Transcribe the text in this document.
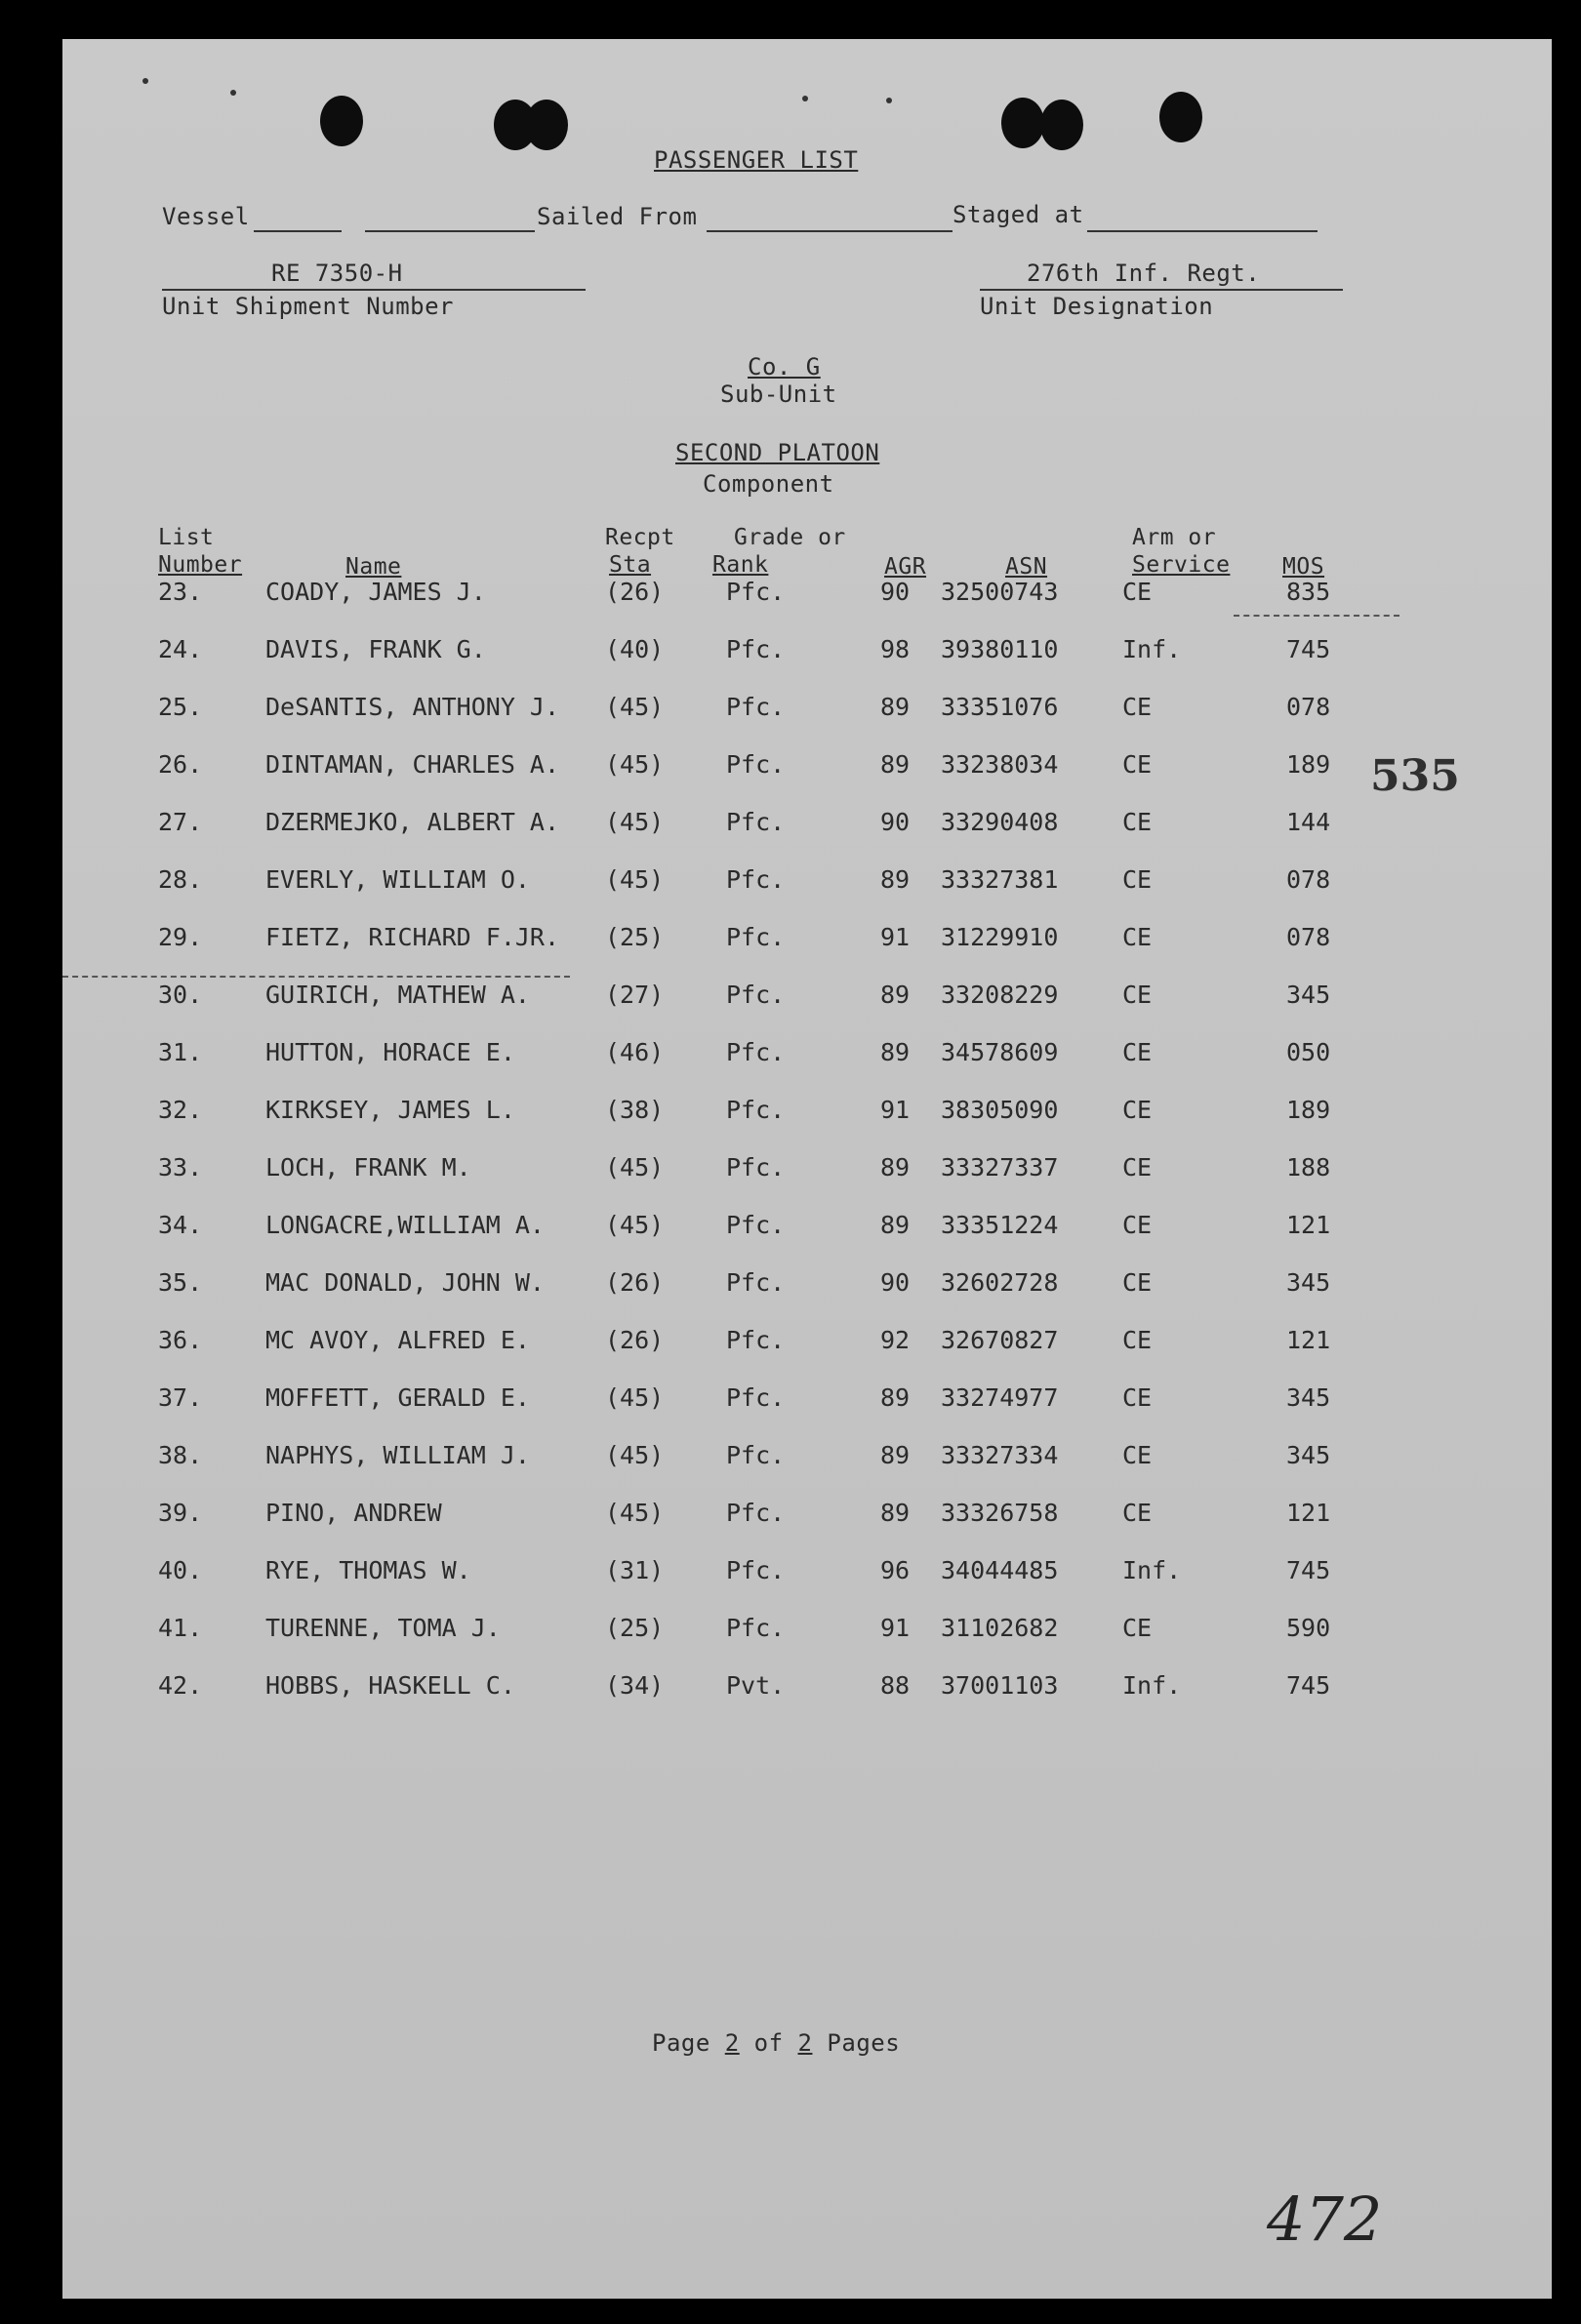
PASSENGER LIST
Vessel	Sailed From	Staged at
RE 7350-H
Unit Shipment Number
276th Inf. Regt.
Unit Designation
Co. G
Sub-Unit
SECOND PLATOON
Component
List
Number	Name
Recpt
Sta
Grade or
Rank	AGR	ASN
Arm or
Service MOS
23.	COADY, JAMES J.	(26)	Pfc.	90 32500743	CE	835
24.	DAVIS, FRANK G.	(40)	Pfc.	98 39380110	Inf.	745
25.	DeSANTIS, ANTHONY J. (45)	Pfc.	89 33351076	CE	078
26.	DINTAMAN, CHARLES A. (45)	Pfc.	89 33238034	CE	189
27.	DZERMEJKO, ALBERT A. (45)	Pfc.	90 33290408	CE	144
28.	EVERLY, WILLIAM O.	(45)	Pfc.	89 33327381	CE	078
29.	FIETZ, RICHARD F.JR. (25)	Pfc.	91 31229910	CE	078
30.	GUIRICH, MATHEW A.	(27)	Pfc.	89 33208229	CE	345
31.	HUTTON, HORACE E.	(46)	Pfc.	89 34578609	CE	050
32.	KIRKSEY, JAMES L.	(38)	Pfc.	91 38305090	CE	189
33.	LOCH, FRANK M.	(45)	Pfc.	89 33327337	CE	188
34.	LONGACRE,WILLIAM A. (45)	Pfc.	89 33351224	CE	121
35.	MAC DONALD, JOHN W. (26)	Pfc.	90 32602728	CE	345
36.	MC AVOY, ALFRED E.	(26)	Pfc.	92 32670827	CE	121
37.	MOFFETT, GERALD E.	(45)	Pfc.	89 33274977	CE	345
38.	NAPHYS, WILLIAM J.	(45)	Pfc.	89 33327334	CE	345
39.	PINO, ANDREW	(45)	Pfc.	89 33326758	CE	121
40.	RYE, THOMAS W.	(31)	Pfc.	96 34044485	Inf.	745
41.	TURENNE, TOMA J.	(25)	Pfc.	91 31102682	CE	590
42.	HOBBS, HASKELL C.	(34)	Pvt.	88 37001103	Inf.	745
535
472
Page 2 of 2 Pages
